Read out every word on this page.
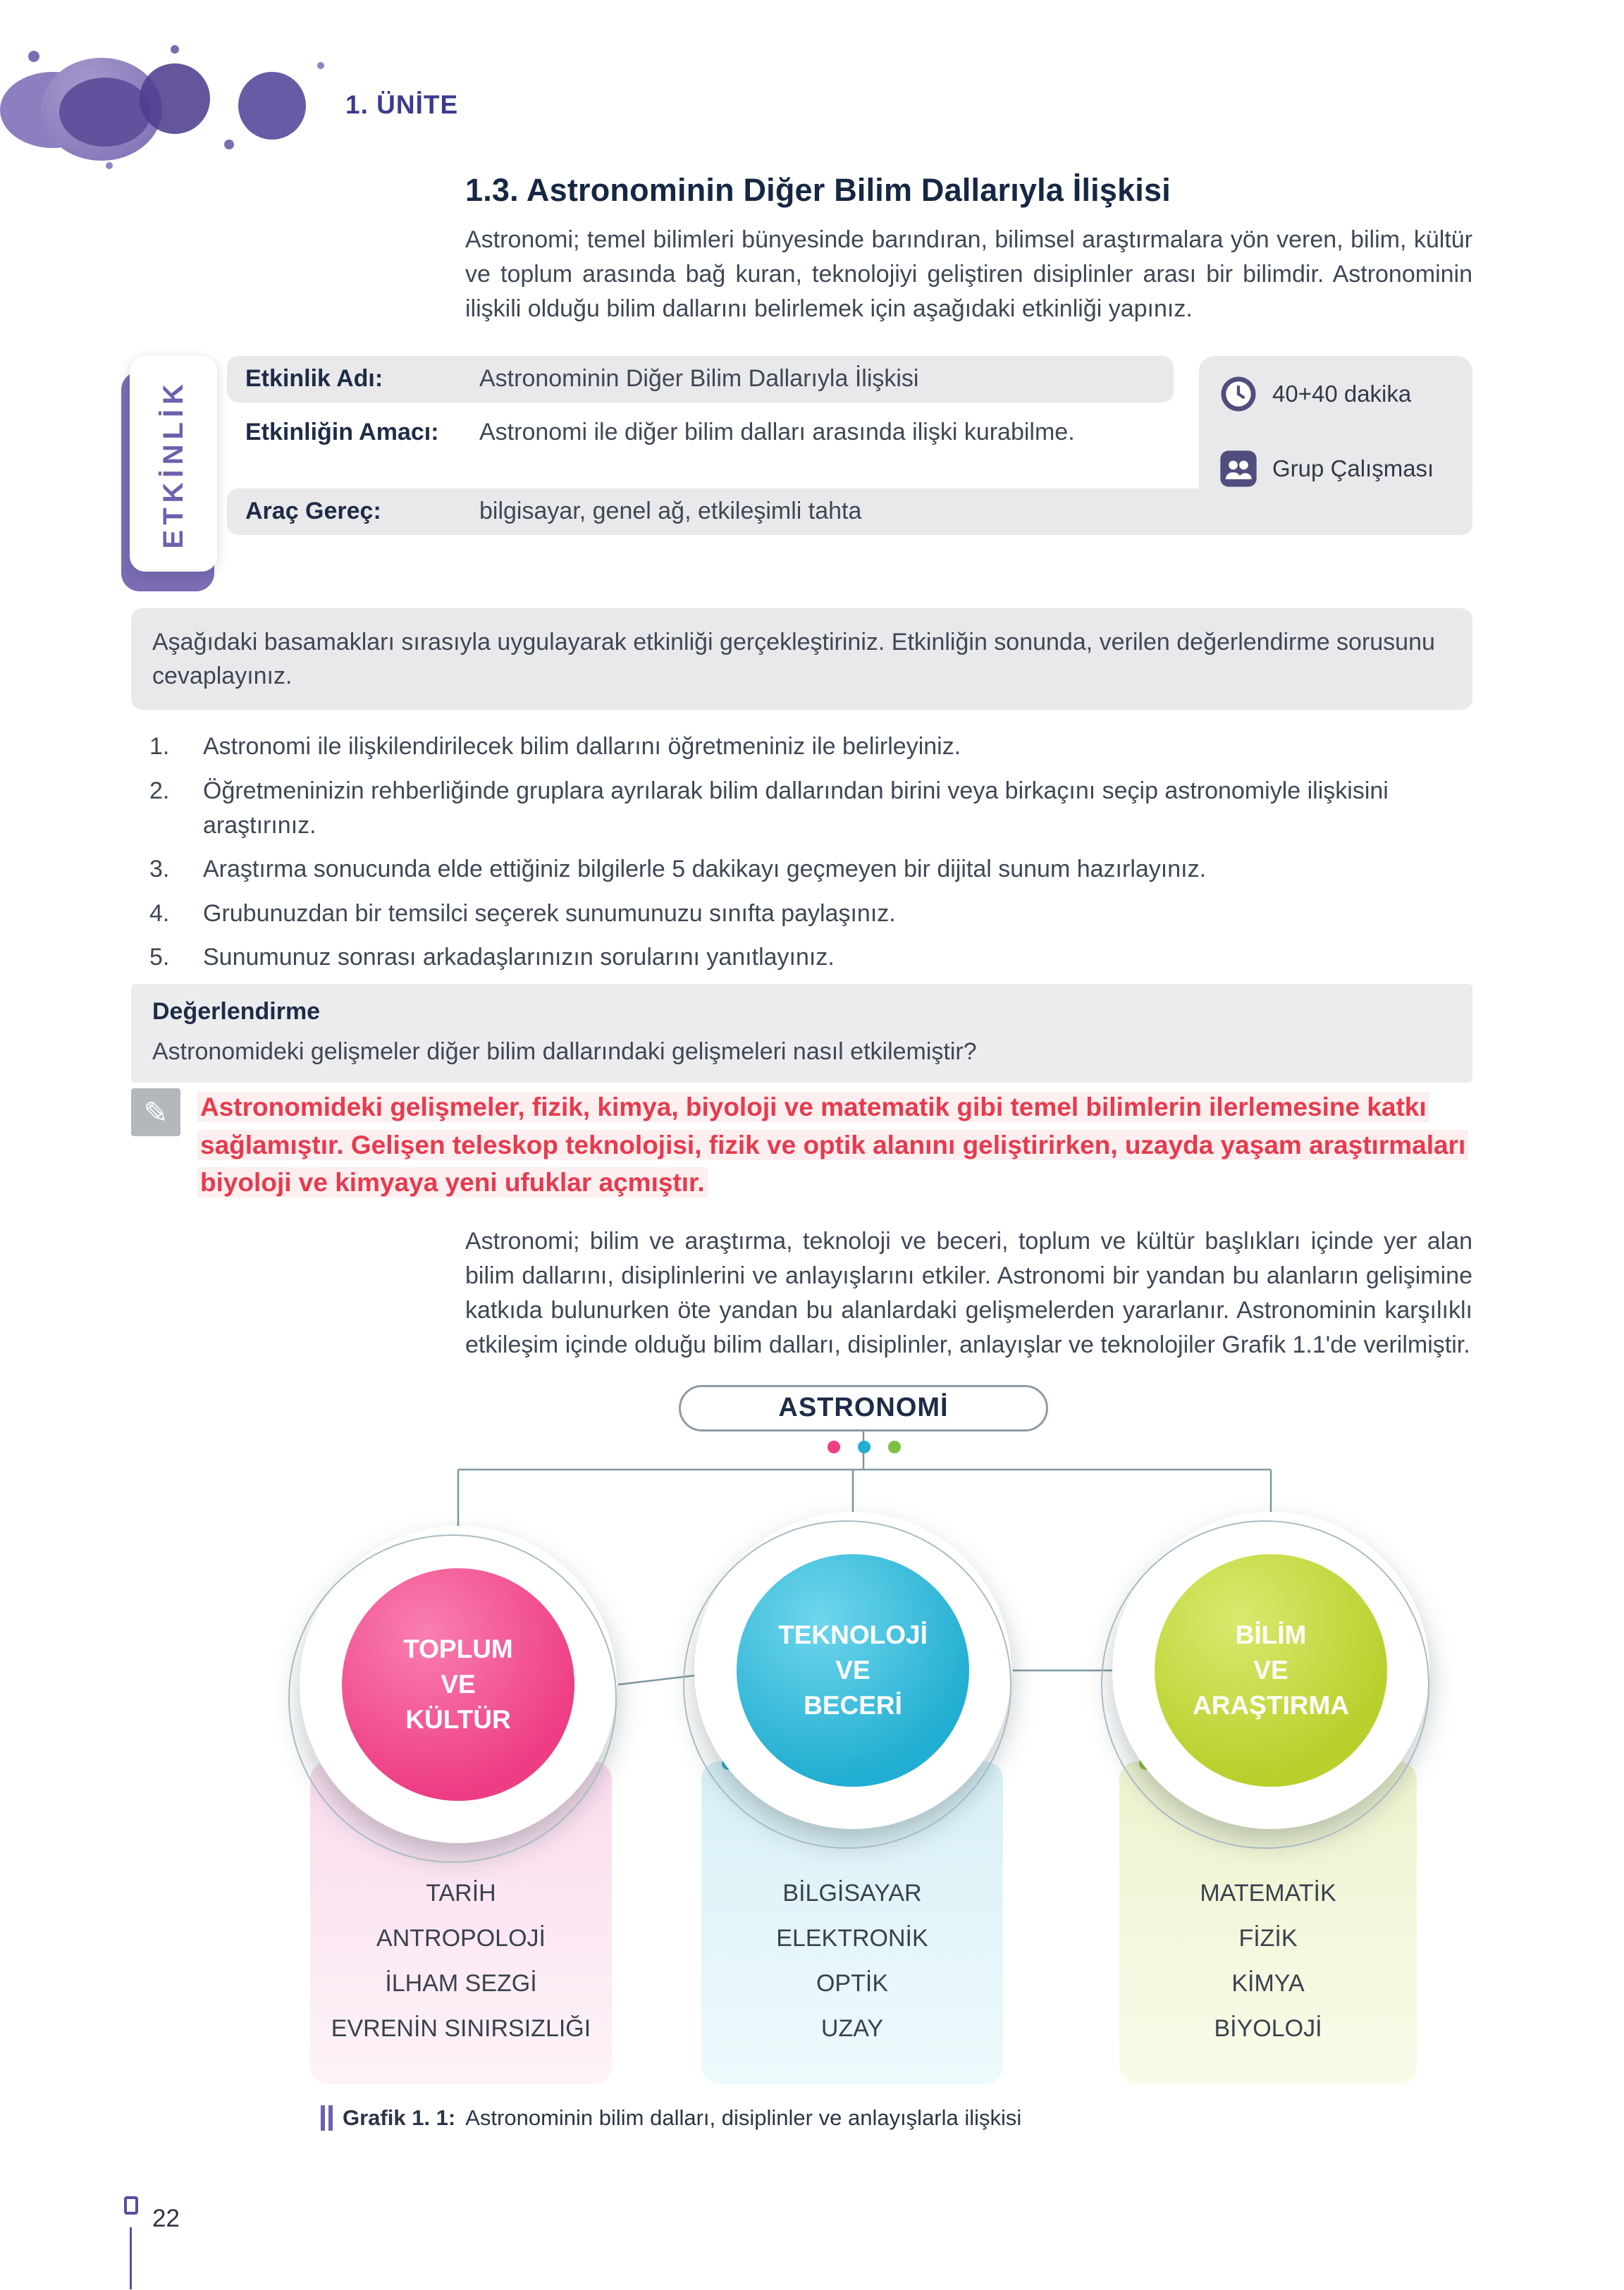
1. ÜNİTE
1.3. Astronominin Diğer Bilim Dallarıyla İlişkisi

Astronomi; temel bilimleri bünyesinde barındıran, bilimsel araştırmalara yön veren, bilim, kültür ve toplum arasında bağ kuran, teknolojiyi geliştiren disiplinler arası bir bilimdir. Astronominin ilişkili olduğu bilim dallarını belirlemek için aşağıdaki etkinliği yapınız.

ETKİNLİK
Etkinlik Adı:	Astronominin Diğer Bilim Dallarıyla İlişkisi
Etkinliğin Amacı:	Astronomi ile diğer bilim dalları arasında ilişki kurabilme.
Araç Gereç:	bilgisayar, genel ağ, etkileşimli tahta
40+40 dakika
Grup Çalışması
Aşağıdaki basamakları sırasıyla uygulayarak etkinliği gerçekleştiriniz. Etkinliğin sonunda, verilen değerlendirme sorusunu cevaplayınız.
1.	Astronomi ile ilişkilendirilecek bilim dallarını öğretmeniniz ile belirleyiniz.
2.	Öğretmeninizin rehberliğinde gruplara ayrılarak bilim dallarından birini veya birkaçını seçip astronomiyle ilişkisini araştırınız.
3.	Araştırma sonucunda elde ettiğiniz bilgilerle 5 dakikayı geçmeyen bir dijital sunum hazırlayınız.
4.	Grubunuzdan bir temsilci seçerek sunumunuzu sınıfta paylaşınız.
5.	Sunumunuz sonrası arkadaşlarınızın sorularını yanıtlayınız.
Değerlendirme
Astronomideki gelişmeler diğer bilim dallarındaki gelişmeleri nasıl etkilemiştir?
✎ Astronomideki gelişmeler, fizik, kimya, biyoloji ve matematik gibi temel bilimlerin ilerlemesine katkı sağlamıştır. Gelişen teleskop teknolojisi, fizik ve optik alanını geliştirirken, uzayda yaşam araştırmaları biyoloji ve kimyaya yeni ufuklar açmıştır.

Astronomi; bilim ve araştırma, teknoloji ve beceri, toplum ve kültür başlıkları içinde yer alan bilim dallarını, disiplinlerini ve anlayışlarını etkiler. Astronomi bir yandan bu alanların gelişimine katkıda bulunurken öte yandan bu alanlardaki gelişmelerden yararlanır. Astronominin karşılıklı etkileşim içinde olduğu bilim dalları, disiplinler, anlayışlar ve teknolojiler Grafik 1.1'de verilmiştir.

ASTRONOMİ
TARİH
ANTROPOLOJİ
İLHAM SEZGİ
EVRENİN SINIRSIZLIĞI
BİLGİSAYAR
ELEKTRONİK
OPTİK
UZAY
MATEMATİK
FİZİK
KİMYA
BİYOLOJİ
TOPLUM
VE
KÜLTÜR
TEKNOLOJİ
VE
BECERİ
BİLİM
VE
ARAŞTIRMA
Grafik 1. 1: Astronominin bilim dalları, disiplinler ve anlayışlarla ilişkisi
22
